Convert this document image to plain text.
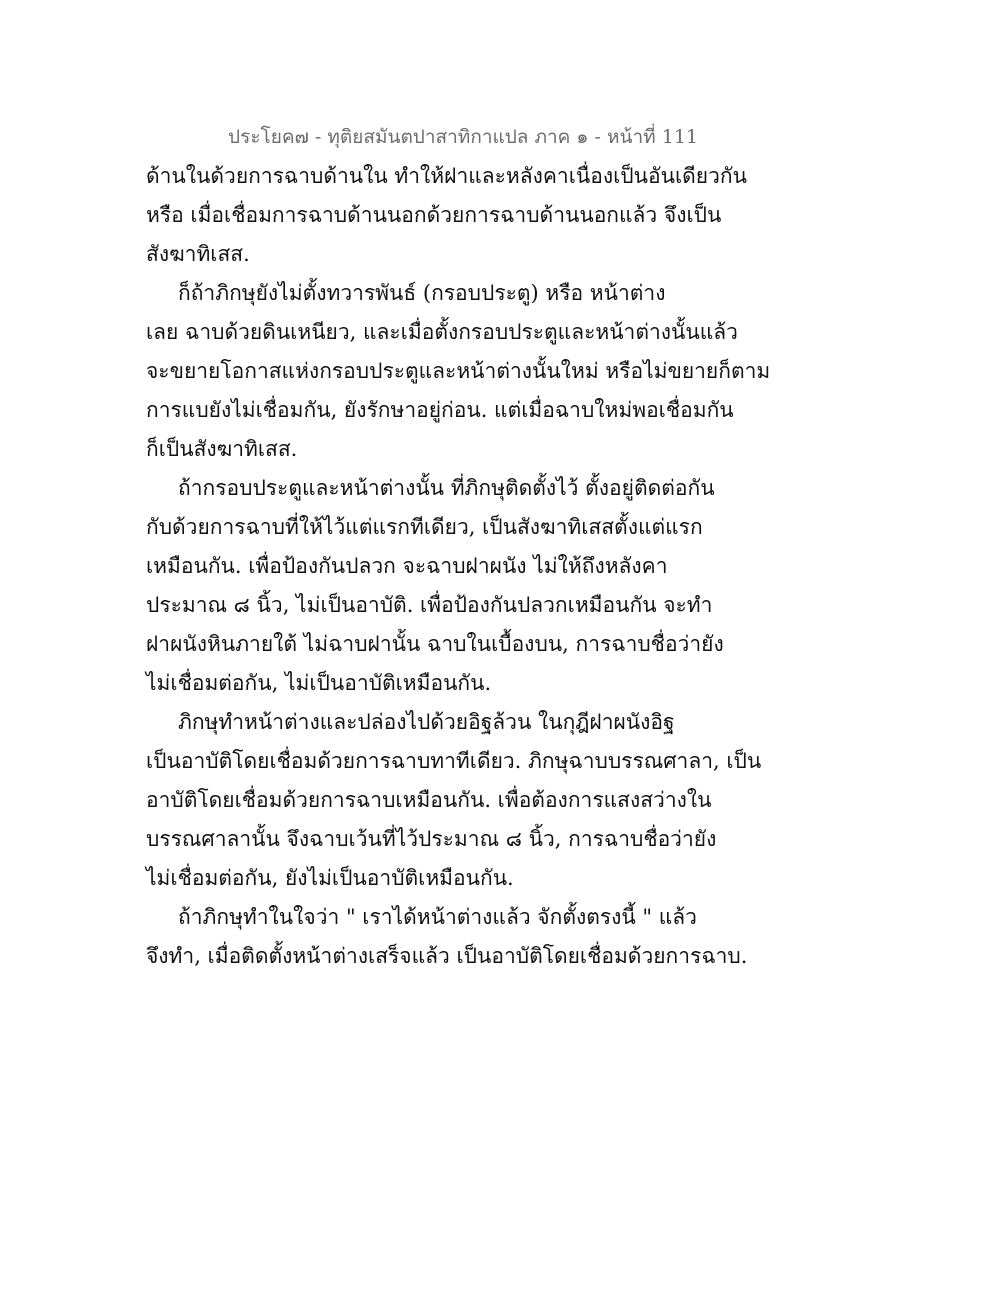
ประโยค๗ - ทุติยสมันตปาสาทิกาแปล ภาค ๑ - หน้าที่ 111
ด้านในด้วยการฉาบด้านใน ทำให้ฝาและหลังคาเนื่องเป็นอันเดียวกัน
หรือ เมื่อเชื่อมการฉาบด้านนอกด้วยการฉาบด้านนอกแล้ว จึงเป็น
สังฆาทิเสส.
ก็ถ้าภิกษุยังไม่ตั้งทวารพันธ์ (กรอบประตู) หรือ หน้าต่าง
เลย ฉาบด้วยดินเหนียว, และเมื่อตั้งกรอบประตูและหน้าต่างนั้นแล้ว
จะขยายโอกาสแห่งกรอบประตูและหน้าต่างนั้นใหม่ หรือไม่ขยายก็ตาม
การแบยังไม่เชื่อมกัน, ยังรักษาอยู่ก่อน. แต่เมื่อฉาบใหม่พอเชื่อมกัน
ก็เป็นสังฆาทิเสส.
ถ้ากรอบประตูและหน้าต่างนั้น ที่ภิกษุติดตั้งไว้ ตั้งอยู่ติดต่อกัน
กับด้วยการฉาบที่ให้ไว้แต่แรกทีเดียว, เป็นสังฆาทิเสสตั้งแต่แรก
เหมือนกัน. เพื่อป้องกันปลวก จะฉาบฝาผนัง ไม่ให้ถึงหลังคา
ประมาณ ๘ นิ้ว, ไม่เป็นอาบัติ. เพื่อป้องกันปลวกเหมือนกัน จะทำ
ฝาผนังหินภายใต้ ไม่ฉาบฝานั้น ฉาบในเบื้องบน, การฉาบชื่อว่ายัง
ไม่เชื่อมต่อกัน, ไม่เป็นอาบัติเหมือนกัน.
ภิกษุทำหน้าต่างและปล่องไปด้วยอิฐล้วน ในกุฎีฝาผนังอิฐ
เป็นอาบัติโดยเชื่อมด้วยการฉาบทาทีเดียว. ภิกษุฉาบบรรณศาลา, เป็น
อาบัติโดยเชื่อมด้วยการฉาบเหมือนกัน. เพื่อต้องการแสงสว่างใน
บรรณศาลานั้น จึงฉาบเว้นที่ไว้ประมาณ ๘ นิ้ว, การฉาบชื่อว่ายัง
ไม่เชื่อมต่อกัน, ยังไม่เป็นอาบัติเหมือนกัน.
ถ้าภิกษุทำในใจว่า " เราได้หน้าต่างแล้ว จักตั้งตรงนี้ " แล้ว
จึงทำ, เมื่อติดตั้งหน้าต่างเสร็จแล้ว เป็นอาบัติโดยเชื่อมด้วยการฉาบ.
